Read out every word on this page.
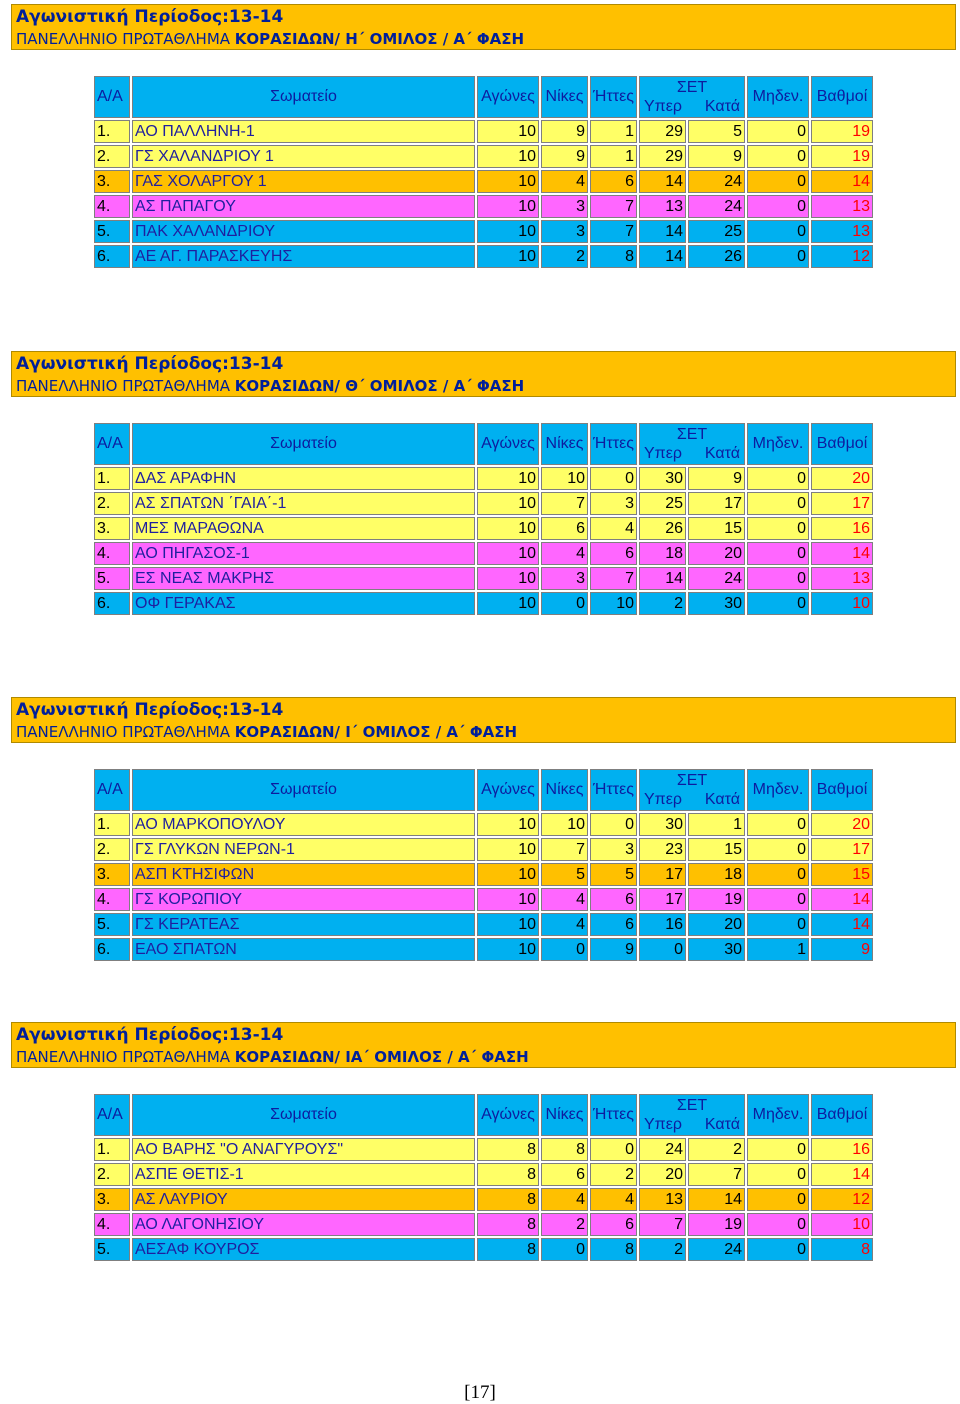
Αγωνιστική Περίοδος:13-14
ΠΑΝΕΛΛΗΝΙΟ ΠΡΩΤΑΘΛΗΜΑ ΚΟΡΑΣΙΔΩΝ/ Η΄ ΟΜΙΛΟΣ / Α΄ ΦΑΣΗ
Α/Α	Σωματείο	Αγώνες	Νίκες	Ήττες	ΣΕΤ
Υπερ Κατά		Μηδεν.	Βαθμοί
1.	ΑΟ ΠΑΛΛΗΝΗ-1	10	9	1	29	5	0	19
2.	ΓΣ ΧΑΛΑΝΔΡΙΟΥ 1	10	9	1	29	9	0	19
3.	ΓΑΣ ΧΟΛΑΡΓΟΥ 1	10	4	6	14	24	0	14
4.	ΑΣ ΠΑΠΑΓΟΥ	10	3	7	13	24	0	13
5.	ΠΑΚ ΧΑΛΑΝΔΡΙΟΥ	10	3	7	14	25	0	13
6.	ΑΕ ΑΓ. ΠΑΡΑΣΚΕΥΗΣ	10	2	8	14	26	0	12
Αγωνιστική Περίοδος:13-14
ΠΑΝΕΛΛΗΝΙΟ ΠΡΩΤΑΘΛΗΜΑ ΚΟΡΑΣΙΔΩΝ/ Θ΄ ΟΜΙΛΟΣ / Α΄ ΦΑΣΗ
Α/Α	Σωματείο	Αγώνες	Νίκες	Ήττες	ΣΕΤ
Υπερ Κατά		Μηδεν.	Βαθμοί
1.	ΔΑΣ ΑΡΑΦΗΝ	10	10	0	30	9	0	20
2.	ΑΣ ΣΠΑΤΩΝ ΄ΓΑΙΑ΄-1	10	7	3	25	17	0	17
3.	ΜΕΣ ΜΑΡΑΘΩΝΑ	10	6	4	26	15	0	16
4.	ΑΟ ΠΗΓΑΣΟΣ-1	10	4	6	18	20	0	14
5.	ΕΣ ΝΕΑΣ ΜΑΚΡΗΣ	10	3	7	14	24	0	13
6.	ΟΦ ΓΕΡΑΚΑΣ	10	0	10	2	30	0	10
Αγωνιστική Περίοδος:13-14
ΠΑΝΕΛΛΗΝΙΟ ΠΡΩΤΑΘΛΗΜΑ ΚΟΡΑΣΙΔΩΝ/ Ι΄ ΟΜΙΛΟΣ / Α΄ ΦΑΣΗ
Α/Α	Σωματείο	Αγώνες	Νίκες	Ήττες	ΣΕΤ
Υπερ Κατά		Μηδεν.	Βαθμοί
1.	ΑΟ ΜΑΡΚΟΠΟΥΛΟΥ	10	10	0	30	1	0	20
2.	ΓΣ ΓΛΥΚΩΝ ΝΕΡΩΝ-1	10	7	3	23	15	0	17
3.	ΑΣΠ ΚΤΗΣΙΦΩΝ	10	5	5	17	18	0	15
4.	ΓΣ ΚΟΡΩΠΙΟΥ	10	4	6	17	19	0	14
5.	ΓΣ ΚΕΡΑΤΕΑΣ	10	4	6	16	20	0	14
6.	ΕΑΟ ΣΠΑΤΩΝ	10	0	9	0	30	1	9
Αγωνιστική Περίοδος:13-14
ΠΑΝΕΛΛΗΝΙΟ ΠΡΩΤΑΘΛΗΜΑ ΚΟΡΑΣΙΔΩΝ/ ΙΑ΄ ΟΜΙΛΟΣ / Α΄ ΦΑΣΗ
Α/Α	Σωματείο	Αγώνες	Νίκες	Ήττες	ΣΕΤ
Υπερ Κατά		Μηδεν.	Βαθμοί
1.	ΑΟ ΒΑΡΗΣ "Ο ΑΝΑΓΥΡΟΥΣ"	8	8	0	24	2	0	16
2.	ΑΣΠΕ ΘΕΤΙΣ-1	8	6	2	20	7	0	14
3.	ΑΣ ΛΑΥΡΙΟΥ	8	4	4	13	14	0	12
4.	ΑΟ ΛΑΓΟΝΗΣΙΟΥ	8	2	6	7	19	0	10
5.	ΑΕΣΑΦ ΚΟΥΡΟΣ	8	0	8	2	24	0	8
[17]
